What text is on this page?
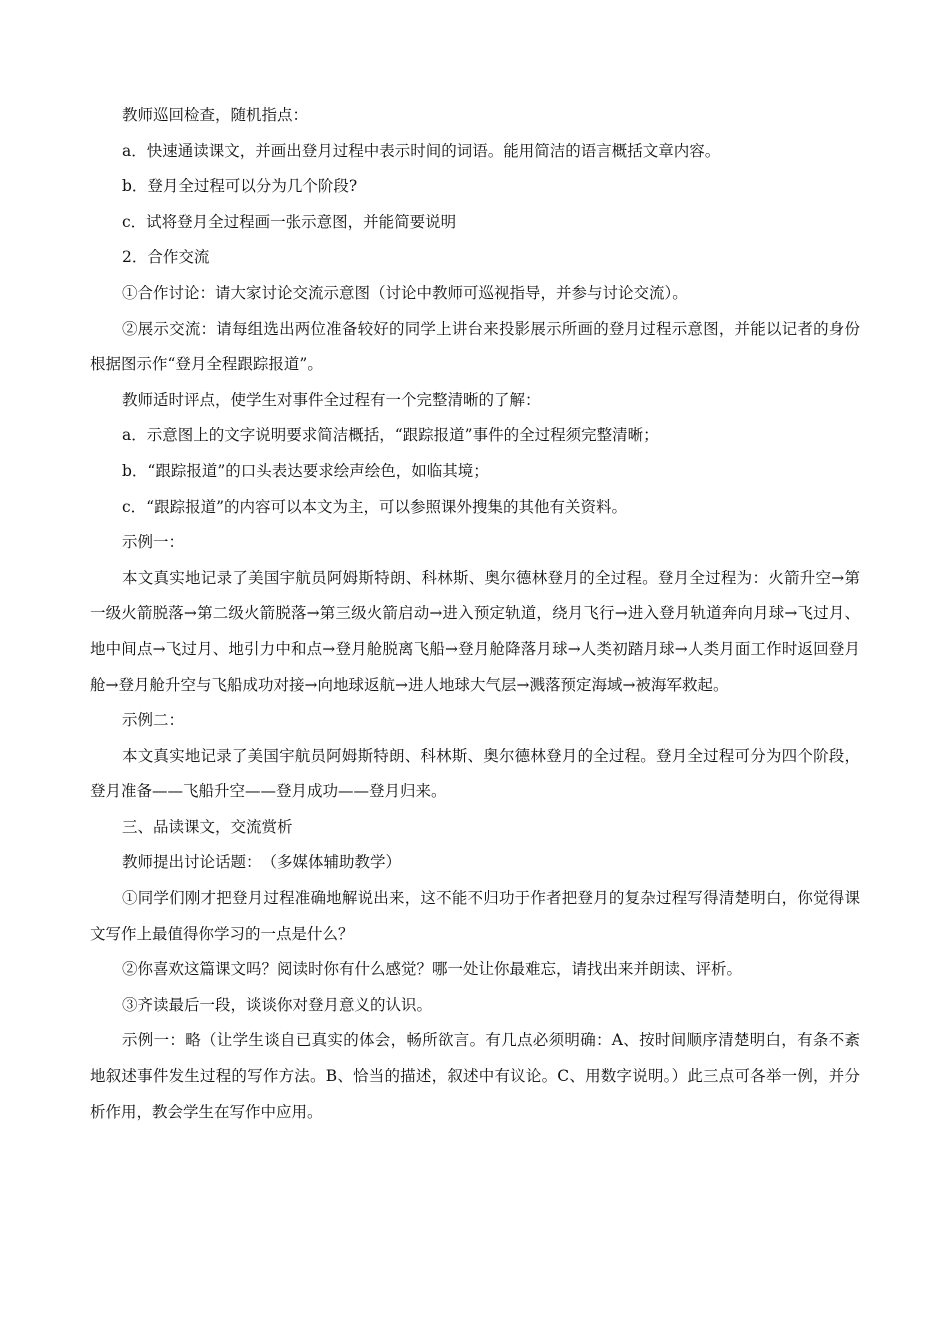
教师巡回检查，随机指点：

a．快速通读课文，并画出登月过程中表示时间的词语。能用简洁的语言概括文章内容。

b．登月全过程可以分为几个阶段?

c．试将登月全过程画一张示意图，并能简要说明

2．合作交流

①合作讨论：请大家讨论交流示意图（讨论中教师可巡视指导，并参与讨论交流）。

②展示交流：请每组选出两位准备较好的同学上讲台来投影展示所画的登月过程示意图，并能以记者的身份根据图示作“登月全程跟踪报道”。

教师适时评点，使学生对事件全过程有一个完整清晰的了解：

a．示意图上的文字说明要求简洁概括，“跟踪报道”事件的全过程须完整清晰；

b．“跟踪报道”的口头表达要求绘声绘色，如临其境；

c．“跟踪报道”的内容可以本文为主，可以参照课外搜集的其他有关资料。

示例一：

本文真实地记录了美国宇航员阿姆斯特朗、科林斯、奥尔德林登月的全过程。登月全过程为：火箭升空→第一级火箭脱落→第二级火箭脱落→第三级火箭启动→进入预定轨道，绕月飞行→进入登月轨道奔向月球→飞过月、地中间点→飞过月、地引力中和点→登月舱脱离飞船→登月舱降落月球→人类初踏月球→人类月面工作时返回登月舱→登月舱升空与飞船成功对接→向地球返航→进人地球大气层→溅落预定海域→被海军救起。

示例二：

本文真实地记录了美国宇航员阿姆斯特朗、科林斯、奥尔德林登月的全过程。登月全过程可分为四个阶段，登月准备——飞船升空——登月成功——登月归来。

三、品读课文，交流赏析

教师提出讨论话题：　（多媒体辅助教学）

①同学们刚才把登月过程准确地解说出来，这不能不归功于作者把登月的复杂过程写得清楚明白，你觉得课文写作上最值得你学习的一点是什么？

②你喜欢这篇课文吗？阅读时你有什么感觉？哪一处让你最难忘，请找出来并朗读、评析。

③齐读最后一段，谈谈你对登月意义的认识。

示例一：略（让学生谈自已真实的体会，畅所欲言。有几点必须明确：A、按时间顺序清楚明白，有条不紊地叙述事件发生过程的写作方法。B、恰当的描述，叙述中有议论。C、用数字说明。）此三点可各举一例，并分析作用，教会学生在写作中应用。
